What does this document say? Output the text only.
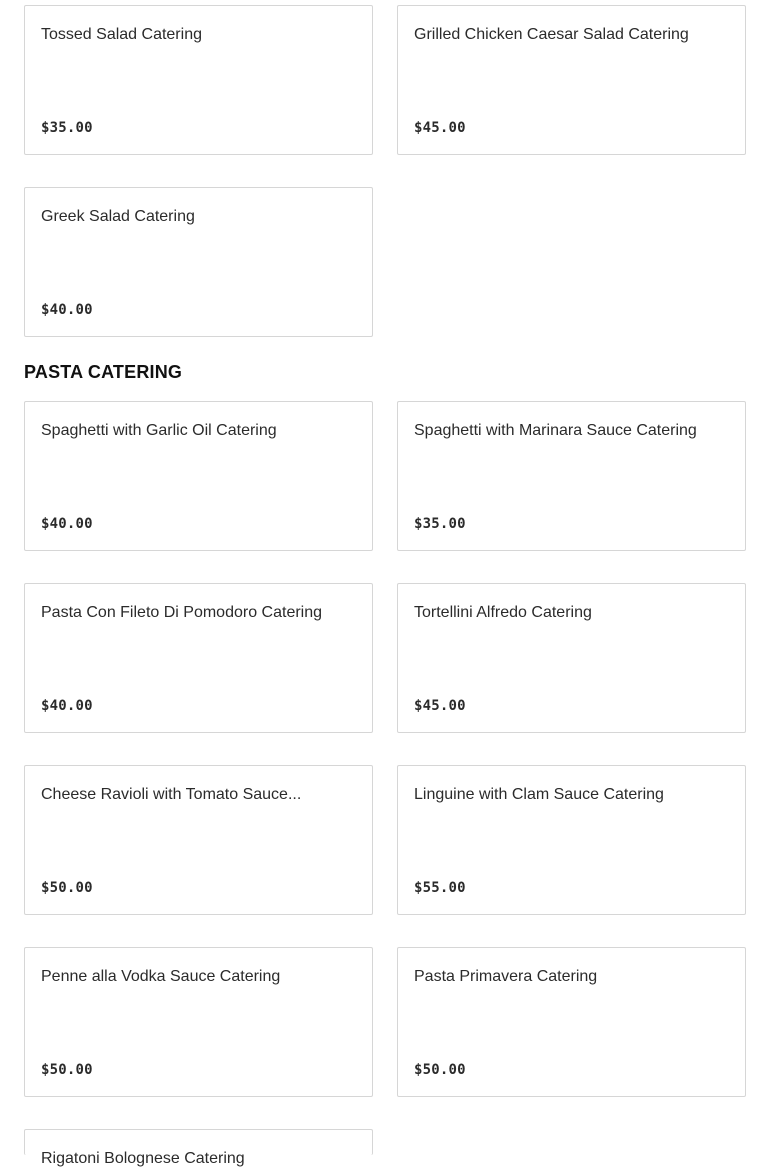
Tossed Salad Catering
$35.00
Grilled Chicken Caesar Salad Catering
$45.00
Greek Salad Catering
$40.00
PASTA CATERING
Spaghetti with Garlic Oil Catering
$40.00
Spaghetti with Marinara Sauce Catering
$35.00
Pasta Con Fileto Di Pomodoro Catering
$40.00
Tortellini Alfredo Catering
$45.00
Cheese Ravioli with Tomato Sauce...
$50.00
Linguine with Clam Sauce Catering
$55.00
Penne alla Vodka Sauce Catering
$50.00
Pasta Primavera Catering
$50.00
Rigatoni Bolognese Catering
